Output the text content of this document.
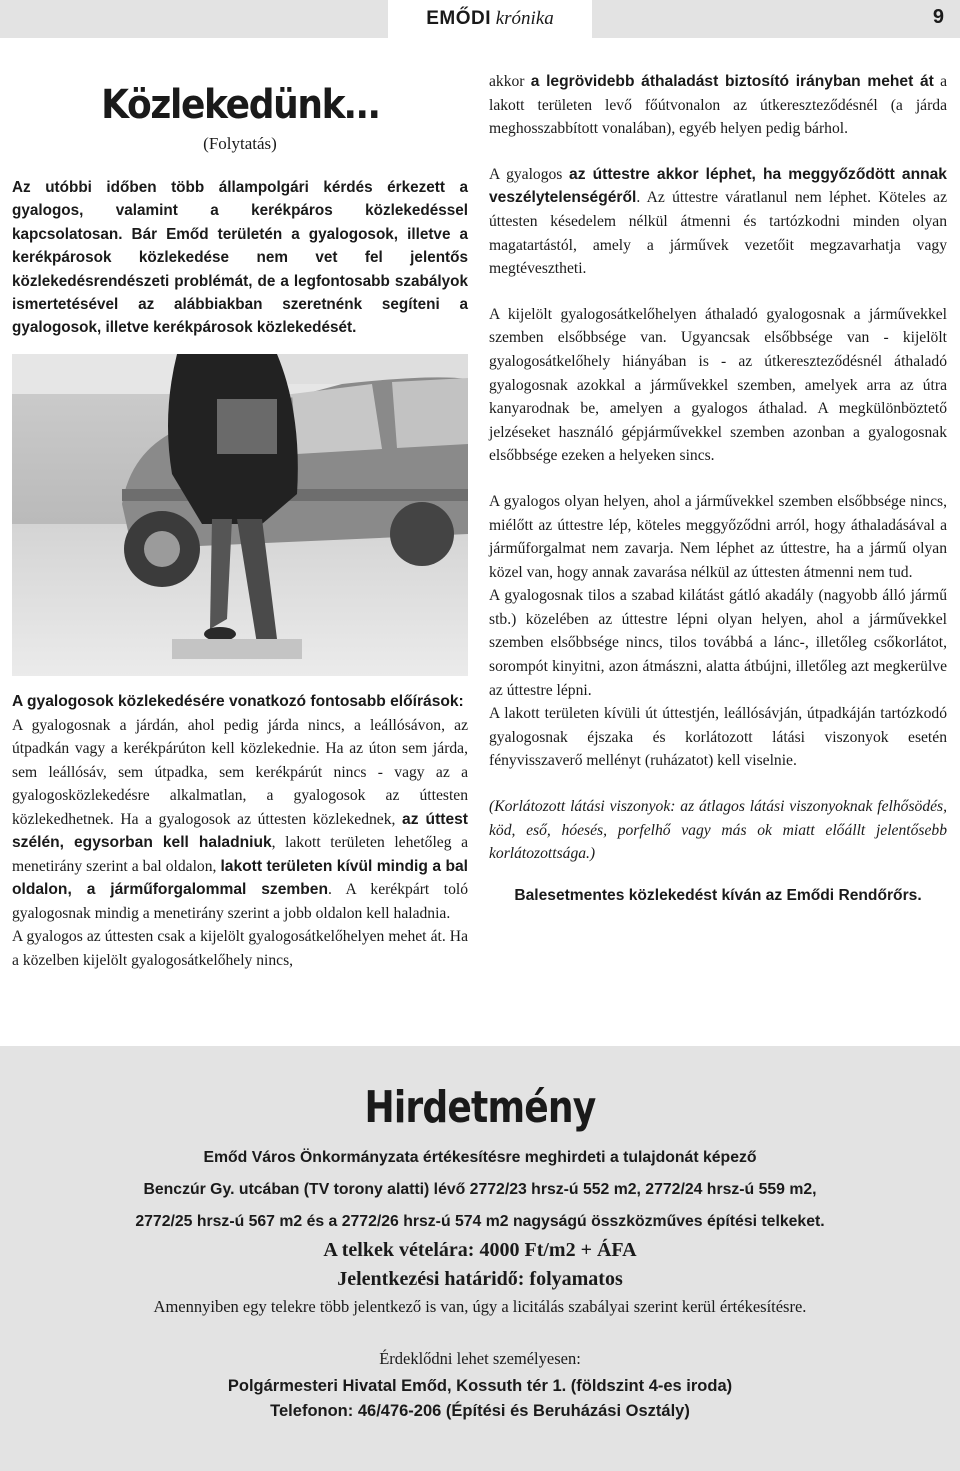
EMŐDI krónika	9
Közlekedünk…
(Folytatás)

Az utóbbi időben több állampolgári kérdés érkezett a gyalogos, valamint a kerékpáros közlekedéssel kapcsolatosan. Bár Emőd területén a gyalogosok, illetve a kerékpárosok közlekedése nem vet fel jelentős közlekedésrendészeti problémát, de a legfontosabb szabályok ismertetésével az alábbiakban szeretnénk segíteni a gyalogosok, illetve kerékpárosok közlekedését.

A gyalogosok közlekedésére vonatkozó fontosabb előírások:

A gyalogosnak a járdán, ahol pedig járda nincs, a leállósávon, az útpadkán vagy a kerékpárúton kell közlekednie. Ha az úton sem járda, sem leállósáv, sem útpadka, sem kerékpárút nincs - vagy az a gyalogosközlekedésre alkalmatlan, a gyalogosok az úttesten közlekedhetnek. Ha a gyalogosok az úttesten közlekednek, az úttest szélén, egysorban kell haladniuk, lakott területen lehetőleg a menetirány szerint a bal oldalon, lakott területen kívül mindig a bal oldalon, a járműforgalommal szemben. A kerékpárt toló gyalogosnak mindig a menetirány szerint a jobb oldalon kell haladnia.

A gyalogos az úttesten csak a kijelölt gyalogosátkelőhelyen mehet át. Ha a közelben kijelölt gyalogosátkelőhely nincs,

akkor a legrövidebb áthaladást biztosító irányban mehet át a lakott területen levő főútvonalon az útkereszteződésnél (a járda meghosszabbított vonalában), egyéb helyen pedig bárhol.

A gyalogos az úttestre akkor léphet, ha meggyőződött annak veszélytelenségéről. Az úttestre váratlanul nem léphet. Köteles az úttesten késedelem nélkül átmenni és tartózkodni minden olyan magatartástól, amely a járművek vezetőit megzavarhatja vagy megtévesztheti.

A kijelölt gyalogosátkelőhelyen áthaladó gyalogosnak a járművekkel szemben elsőbbsége van. Ugyancsak elsőbbsége van - kijelölt gyalogosátkelőhely hiányában is - az útkereszteződésnél áthaladó gyalogosnak azokkal a járművekkel szemben, amelyek arra az útra kanyarodnak be, amelyen a gyalogos áthalad. A megkülönböztető jelzéseket használó gépjárművekkel szemben azonban a gyalogosnak elsőbbsége ezeken a helyeken sincs.

A gyalogos olyan helyen, ahol a járművekkel szemben elsőbbsége nincs, miélőtt az úttestre lép, köteles meggyőződni arról, hogy áthaladásával a járműforgalmat nem zavarja. Nem léphet az úttestre, ha a jármű olyan közel van, hogy annak zavarása nélkül az úttesten átmenni nem tud.

A gyalogosnak tilos a szabad kilátást gátló akadály (nagyobb álló jármű stb.) közelében az úttestre lépni olyan helyen, ahol a járművekkel szemben elsőbbsége nincs, tilos továbbá a lánc-, illetőleg csőkorlátot, sorompót kinyitni, azon átmászni, alatta átbújni, illetőleg azt megkerülve az úttestre lépni.

A lakott területen kívüli út úttestjén, leállósávján, útpadkáján tartózkodó gyalogosnak éjszaka és korlátozott látási viszonyok esetén fényvisszaverő mellényt (ruházatot) kell viselnie.

(Korlátozott látási viszonyok: az átlagos látási viszonyoknak felhősödés, köd, eső, hóesés, porfelhő vagy más ok miatt előállt jelentősebb korlátozottsága.)

Balesetmentes közlekedést kíván az Emődi Rendőrőrs.

Hirdetmény
Emőd Város Önkormányzata értékesítésre meghirdeti a tulajdonát képező
Benczúr Gy. utcában (TV torony alatti) lévő 2772/23 hrsz-ú 552 m2, 2772/24 hrsz-ú 559 m2,
2772/25 hrsz-ú 567 m2 és a 2772/26 hrsz-ú 574 m2 nagyságú összközműves építési telkeket.
A telkek vételára: 4000 Ft/m2 + ÁFA
Jelentkezési határidő: folyamatos
Amennyiben egy telekre több jelentkező is van, úgy a licitálás szabályai szerint kerül értékesítésre.
Érdeklődni lehet személyesen:
Polgármesteri Hivatal Emőd, Kossuth tér 1. (földszint 4-es iroda)
Telefonon: 46/476-206 (Építési és Beruházási Osztály)
